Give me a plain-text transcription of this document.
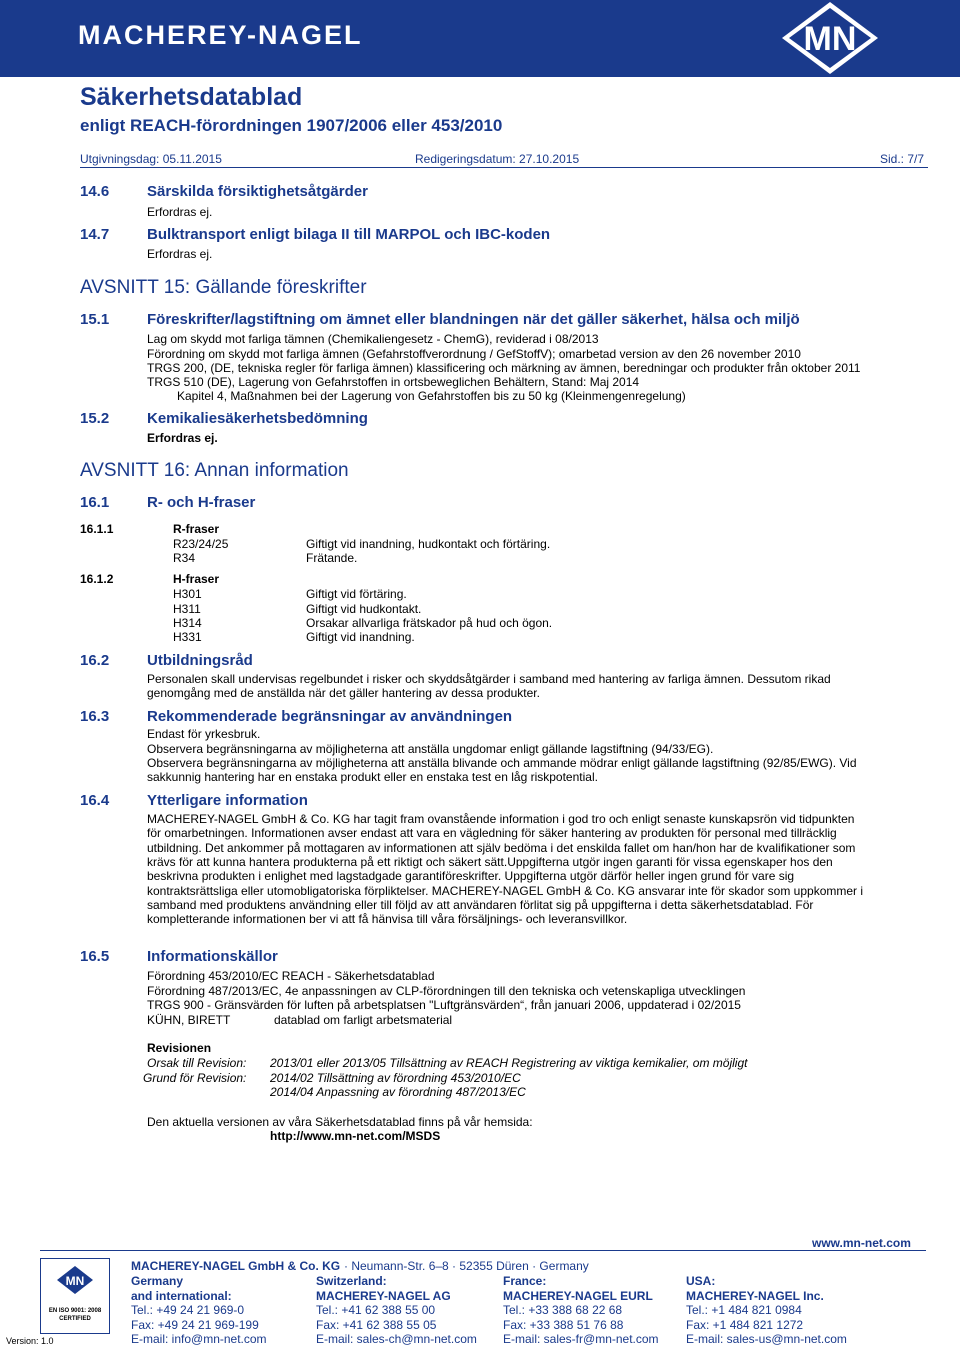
MACHEREY-NAGEL	MN
Säkerhetsdatablad
enligt REACH-förordningen 1907/2006 eller 453/2010
Utgivningsdag: 05.11.2015	Redigeringsdatum: 27.10.2015	Sid.: 7/7
14.6	Särskilda försiktighetsåtgärder
Erfordras ej.
14.7	Bulktransport enligt bilaga II till MARPOL och IBC-koden
Erfordras ej.
AVSNITT 15: Gällande föreskrifter
15.1	Föreskrifter/lagstiftning om ämnet eller blandningen när det gäller säkerhet, hälsa och miljö
Lag om skydd mot farliga tämnen (Chemikaliengesetz - ChemG), reviderad i 08/2013
Förordning om skydd mot farliga ämnen (Gefahrstoffverordnung / GefStoffV); omarbetad version av den 26 november 2010
TRGS 200, (DE, tekniska regler för farliga ämnen) klassificering och märkning av ämnen, beredningar och produkter från oktober 2011
TRGS 510 (DE), Lagerung von Gefahrstoffen in ortsbeweglichen Behältern, Stand: Maj 2014
Kapitel 4, Maßnahmen bei der Lagerung von Gefahrstoffen bis zu 50 kg (Kleinmengenregelung)
15.2	Kemikaliesäkerhetsbedömning
Erfordras ej.
AVSNITT 16: Annan information
16.1	R- och H-fraser
16.1.1	R-fraser
R23/24/25	Giftigt vid inandning, hudkontakt och förtäring.
R34	Frätande.
16.1.2	H-fraser
H301	Giftigt vid förtäring.
H311	Giftigt vid hudkontakt.
H314	Orsakar allvarliga frätskador på hud och ögon.
H331	Giftigt vid inandning.
16.2	Utbildningsråd
Personalen skall undervisas regelbundet i risker och skyddsåtgärder i samband med hantering av farliga ämnen. Dessutom rikad
genomgång med de anställda när det gäller hantering av dessa produkter.
16.3	Rekommenderade begränsningar av användningen
Endast för yrkesbruk.
Observera begränsningarna av möjligheterna att anställa ungdomar enligt gällande lagstiftning (94/33/EG).
Observera begränsningarna av möjligheterna att anställa blivande och ammande mödrar enligt gällande lagstiftning (92/85/EWG). Vid
sakkunnig hantering har en enstaka produkt eller en enstaka test en låg riskpotential.
16.4	Ytterligare information
MACHEREY-NAGEL GmbH & Co. KG har tagit fram ovanstående information i god tro och enligt senaste kunskapsrön vid tidpunkten
för omarbetningen. Informationen avser endast att vara en vägledning för säker hantering av produkten för personal med tillräcklig
utbildning. Det ankommer på mottagaren av informationen att själv bedöma i det enskilda fallet om han/hon har de kvalifikationer som
krävs för att kunna hantera produkterna på ett riktigt och säkert sätt.Uppgifterna utgör ingen garanti för vissa egenskaper hos den
beskrivna produkten i enlighet med lagstadgade garantiföreskrifter. Uppgifterna utgör därför heller ingen grund för vare sig
kontraktsrättsliga eller utomobligatoriska förpliktelser. MACHEREY-NAGEL GmbH & Co. KG ansvarar inte för skador som uppkommer i
samband med produktens användning eller till följd av att användaren förlitat sig på uppgifterna i detta säkerhetsdatablad. För
kompletterande informationen ber vi att få hänvisa till våra försäljnings- och leveransvillkor.
16.5	Informationskällor
Förordning 453/2010/EC REACH - Säkerhetsdatablad
Förordning 487/2013/EC, 4e anpassningen av CLP-förordningen till den tekniska och vetenskapliga utvecklingen
TRGS 900 - Gränsvärden för luften på arbetsplatsen "Luftgränsvärden“, från januari 2006, uppdaterad i 02/2015
KÜHN, BIRETT	datablad om farligt arbetsmaterial
Revisionen
Orsak till Revision: 2013/01 eller 2013/05 Tillsättning av REACH Registrering av viktiga kemikalier, om möjligt
Grund för Revision: 2014/02 Tillsättning av förordning 453/2010/EC
2014/04 Anpassning av förordning 487/2013/EC
Den aktuella versionen av våra Säkerhetsdatablad finns på vår hemsida:
http://www.mn-net.com/MSDS
www.mn-net.com
MN
EN ISO 9001: 2008
CERTIFIED
Version: 1.0
MACHEREY-NAGEL GmbH & Co. KG · Neumann-Str. 6–8 · 52355 Düren · Germany
Germany
and international:
Tel.: +49 24 21 969-0
Fax: +49 24 21 969-199
E-mail: info@mn-net.com
Switzerland:
MACHEREY-NAGEL AG
Tel.: +41 62 388 55 00
Fax: +41 62 388 55 05
E-mail: sales-ch@mn-net.com
France:
MACHEREY-NAGEL EURL
Tel.: +33 388 68 22 68
Fax: +33 388 51 76 88
E-mail: sales-fr@mn-net.com
USA:
MACHEREY-NAGEL Inc.
Tel.: +1 484 821 0984
Fax: +1 484 821 1272
E-mail: sales-us@mn-net.com
